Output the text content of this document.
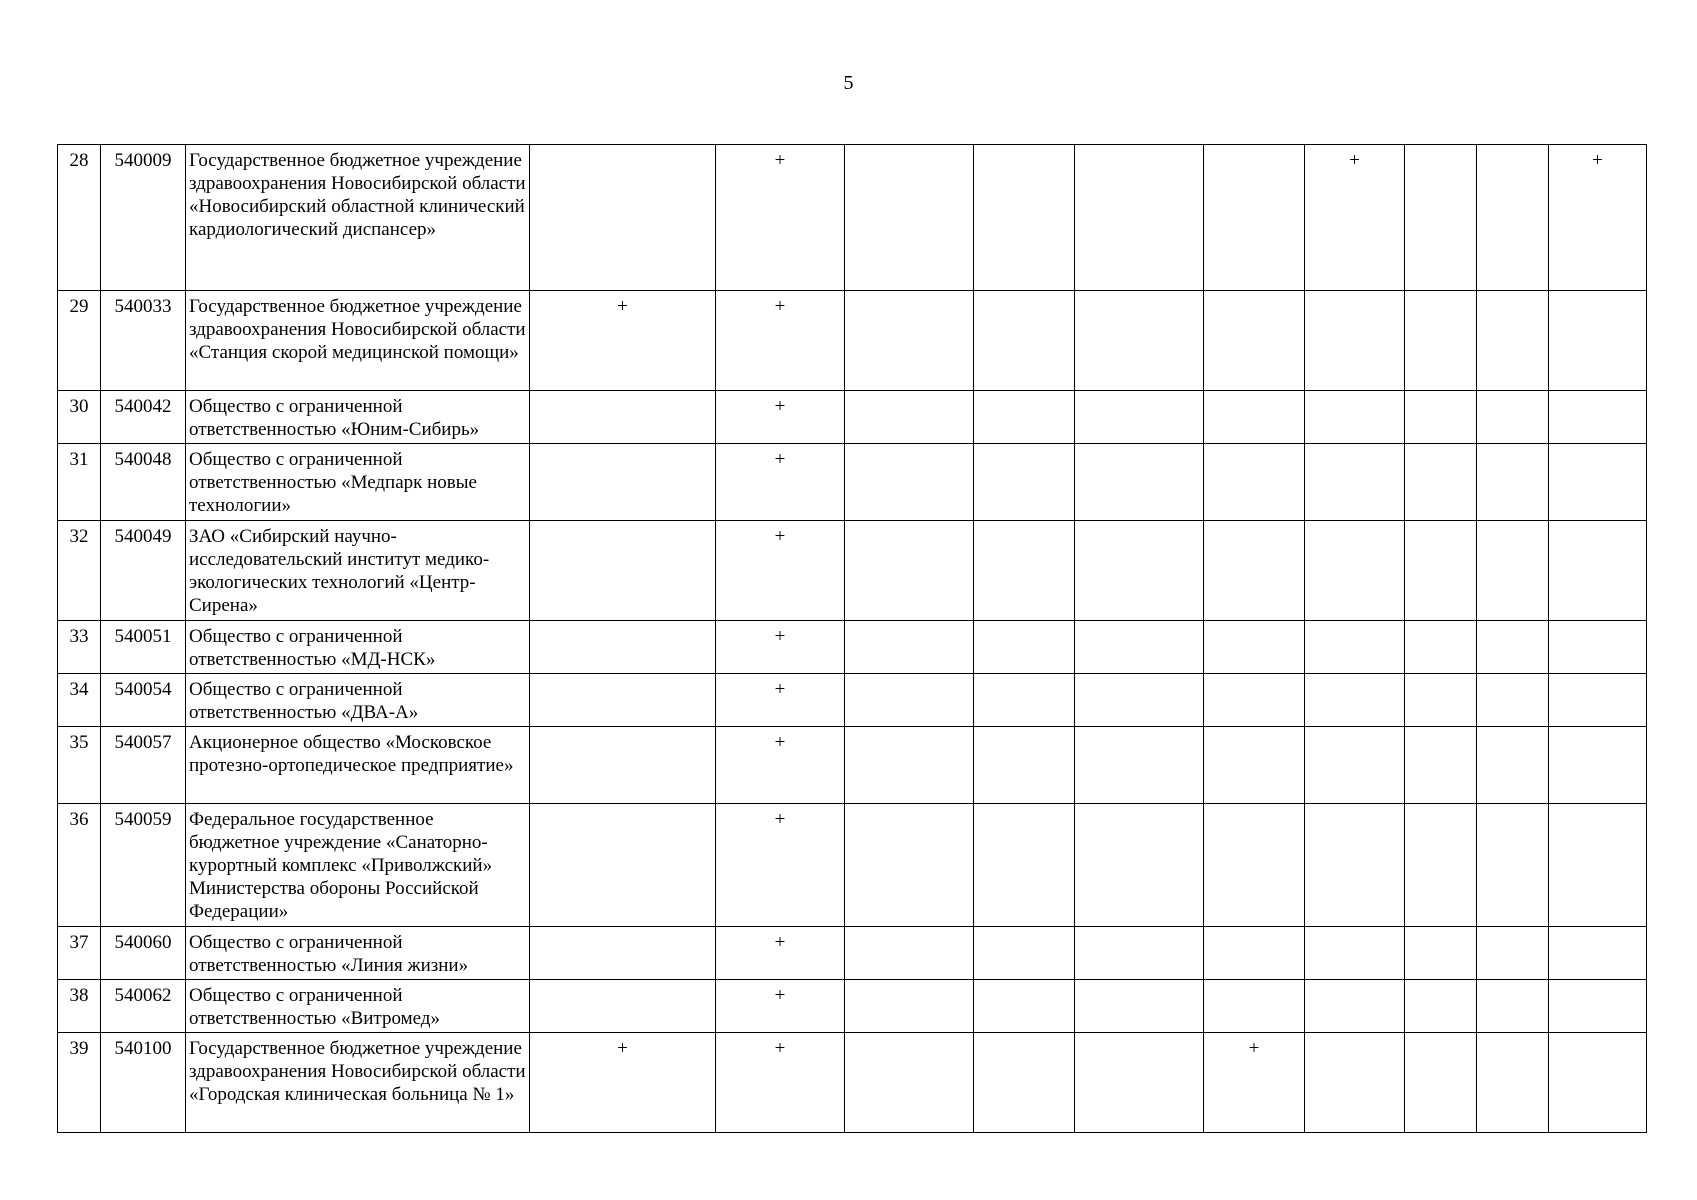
5
28	540009	Государственное бюджетное учреждение здравоохранения Новосибирской области «Новосибирский областной клинический кардиологический диспансер»		+					+			+
29	540033	Государственное бюджетное учреждение здравоохранения Новосибирской области «Станция скорой медицинской помощи»	+	+								
30	540042	Общество с ограниченной ответственностью «Юним-Сибирь»		+								
31	540048	Общество с ограниченной ответственностью «Медпарк новые технологии»		+								
32	540049	ЗАО «Сибирский научно-исследовательский институт медико-экологических технологий «Центр-Сирена»		+								
33	540051	Общество с ограниченной ответственностью «МД-НСК»		+								
34	540054	Общество с ограниченной ответственностью «ДВА-А»		+								
35	540057	Акционерное общество «Московское протезно-ортопедическое предприятие»		+								
36	540059	Федеральное государственное бюджетное учреждение «Санаторно-курортный комплекс «Приволжский» Министерства обороны Российской Федерации»		+								
37	540060	Общество с ограниченной ответственностью «Линия жизни»		+								
38	540062	Общество с ограниченной ответственностью «Витромед»		+								
39	540100	Государственное бюджетное учреждение здравоохранения Новосибирской области «Городская клиническая больница № 1»	+	+				+				
